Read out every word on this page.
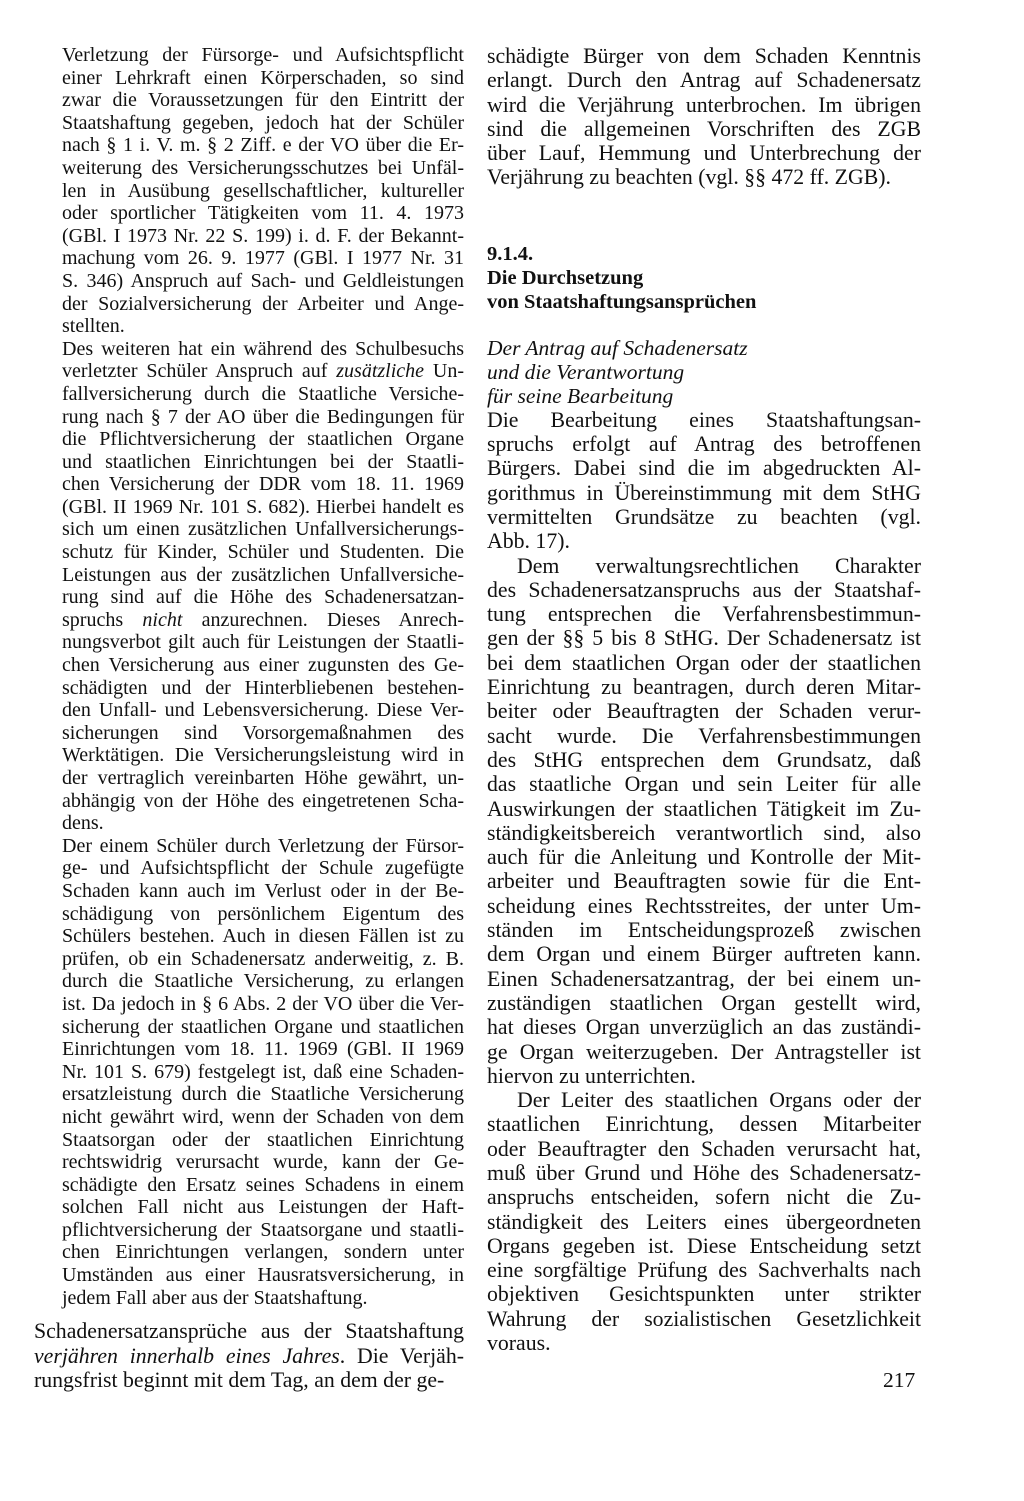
Verletzung der Fürsorge- und Aufsichtspflicht
einer Lehrkraft einen Körperschaden, so sind
zwar die Voraussetzungen für den Eintritt der
Staatshaftung gegeben, jedoch hat der Schüler
nach § 1 i. V. m. § 2 Ziff. e der VO über die Er-
weiterung des Versicherungsschutzes bei Unfäl-
len in Ausübung gesellschaftlicher, kultureller
oder sportlicher Tätigkeiten vom 11. 4. 1973
(GBl. I 1973 Nr. 22 S. 199) i. d. F. der Bekannt-
machung vom 26. 9. 1977 (GBl. I 1977 Nr. 31
S. 346) Anspruch auf Sach- und Geldleistungen
der Sozialversicherung der Arbeiter und Ange-
stellten.
Des weiteren hat ein während des Schulbesuchs
verletzter Schüler Anspruch auf zusätzliche Un-
fallversicherung durch die Staatliche Versiche-
rung nach § 7 der AO über die Bedingungen für
die Pflichtversicherung der staatlichen Organe
und staatlichen Einrichtungen bei der Staatli-
chen Versicherung der DDR vom 18. 11. 1969
(GBl. II 1969 Nr. 101 S. 682). Hierbei handelt es
sich um einen zusätzlichen Unfallversicherungs-
schutz für Kinder, Schüler und Studenten. Die
Leistungen aus der zusätzlichen Unfallversiche-
rung sind auf die Höhe des Schadenersatzan-
spruchs nicht anzurechnen. Dieses Anrech-
nungsverbot gilt auch für Leistungen der Staatli-
chen Versicherung aus einer zugunsten des Ge-
schädigten und der Hinterbliebenen bestehen-
den Unfall- und Lebensversicherung. Diese Ver-
sicherungen sind Vorsorgemaßnahmen des
Werktätigen. Die Versicherungsleistung wird in
der vertraglich vereinbarten Höhe gewährt, un-
abhängig von der Höhe des eingetretenen Scha-
dens.
Der einem Schüler durch Verletzung der Fürsor-
ge- und Aufsichtspflicht der Schule zugefügte
Schaden kann auch im Verlust oder in der Be-
schädigung von persönlichem Eigentum des
Schülers bestehen. Auch in diesen Fällen ist zu
prüfen, ob ein Schadenersatz anderweitig, z. B.
durch die Staatliche Versicherung, zu erlangen
ist. Da jedoch in § 6 Abs. 2 der VO über die Ver-
sicherung der staatlichen Organe und staatlichen
Einrichtungen vom 18. 11. 1969 (GBl. II 1969
Nr. 101 S. 679) festgelegt ist, daß eine Schaden-
ersatzleistung durch die Staatliche Versicherung
nicht gewährt wird, wenn der Schaden von dem
Staatsorgan oder der staatlichen Einrichtung
rechtswidrig verursacht wurde, kann der Ge-
schädigte den Ersatz seines Schadens in einem
solchen Fall nicht aus Leistungen der Haft-
pflichtversicherung der Staatsorgane und staatli-
chen Einrichtungen verlangen, sondern unter
Umständen aus einer Hausratsversicherung, in
jedem Fall aber aus der Staatshaftung.
Schadenersatzansprüche aus der Staatshaftung
verjähren innerhalb eines Jahres. Die Verjäh-
rungsfrist beginnt mit dem Tag, an dem der ge-
schädigte Bürger von dem Schaden Kenntnis
erlangt. Durch den Antrag auf Schadenersatz
wird die Verjährung unterbrochen. Im übrigen
sind die allgemeinen Vorschriften des ZGB
über Lauf, Hemmung und Unterbrechung der
Verjährung zu beachten (vgl. §§ 472 ff. ZGB).
9.1.4.
Die Durchsetzung
von Staatshaftungsansprüchen
Der Antrag auf Schadenersatz
und die Verantwortung
für seine Bearbeitung
Die Bearbeitung eines Staatshaftungsan-
spruchs erfolgt auf Antrag des betroffenen
Bürgers. Dabei sind die im abgedruckten Al-
gorithmus in Übereinstimmung mit dem StHG
vermittelten Grundsätze zu beachten (vgl.
Abb. 17).
Dem verwaltungsrechtlichen Charakter
des Schadenersatzanspruchs aus der Staatshaf-
tung entsprechen die Verfahrensbestimmun-
gen der §§ 5 bis 8 StHG. Der Schadenersatz ist
bei dem staatlichen Organ oder der staatlichen
Einrichtung zu beantragen, durch deren Mitar-
beiter oder Beauftragten der Schaden verur-
sacht wurde. Die Verfahrensbestimmungen
des StHG entsprechen dem Grundsatz, daß
das staatliche Organ und sein Leiter für alle
Auswirkungen der staatlichen Tätigkeit im Zu-
ständigkeitsbereich verantwortlich sind, also
auch für die Anleitung und Kontrolle der Mit-
arbeiter und Beauftragten sowie für die Ent-
scheidung eines Rechtsstreites, der unter Um-
ständen im Entscheidungsprozeß zwischen
dem Organ und einem Bürger auftreten kann.
Einen Schadenersatzantrag, der bei einem un-
zuständigen staatlichen Organ gestellt wird,
hat dieses Organ unverzüglich an das zuständi-
ge Organ weiterzugeben. Der Antragsteller ist
hiervon zu unterrichten.
Der Leiter des staatlichen Organs oder der
staatlichen Einrichtung, dessen Mitarbeiter
oder Beauftragter den Schaden verursacht hat,
muß über Grund und Höhe des Schadenersatz-
anspruchs entscheiden, sofern nicht die Zu-
ständigkeit des Leiters eines übergeordneten
Organs gegeben ist. Diese Entscheidung setzt
eine sorgfältige Prüfung des Sachverhalts nach
objektiven Gesichtspunkten unter strikter
Wahrung der sozialistischen Gesetzlichkeit
voraus.
217
